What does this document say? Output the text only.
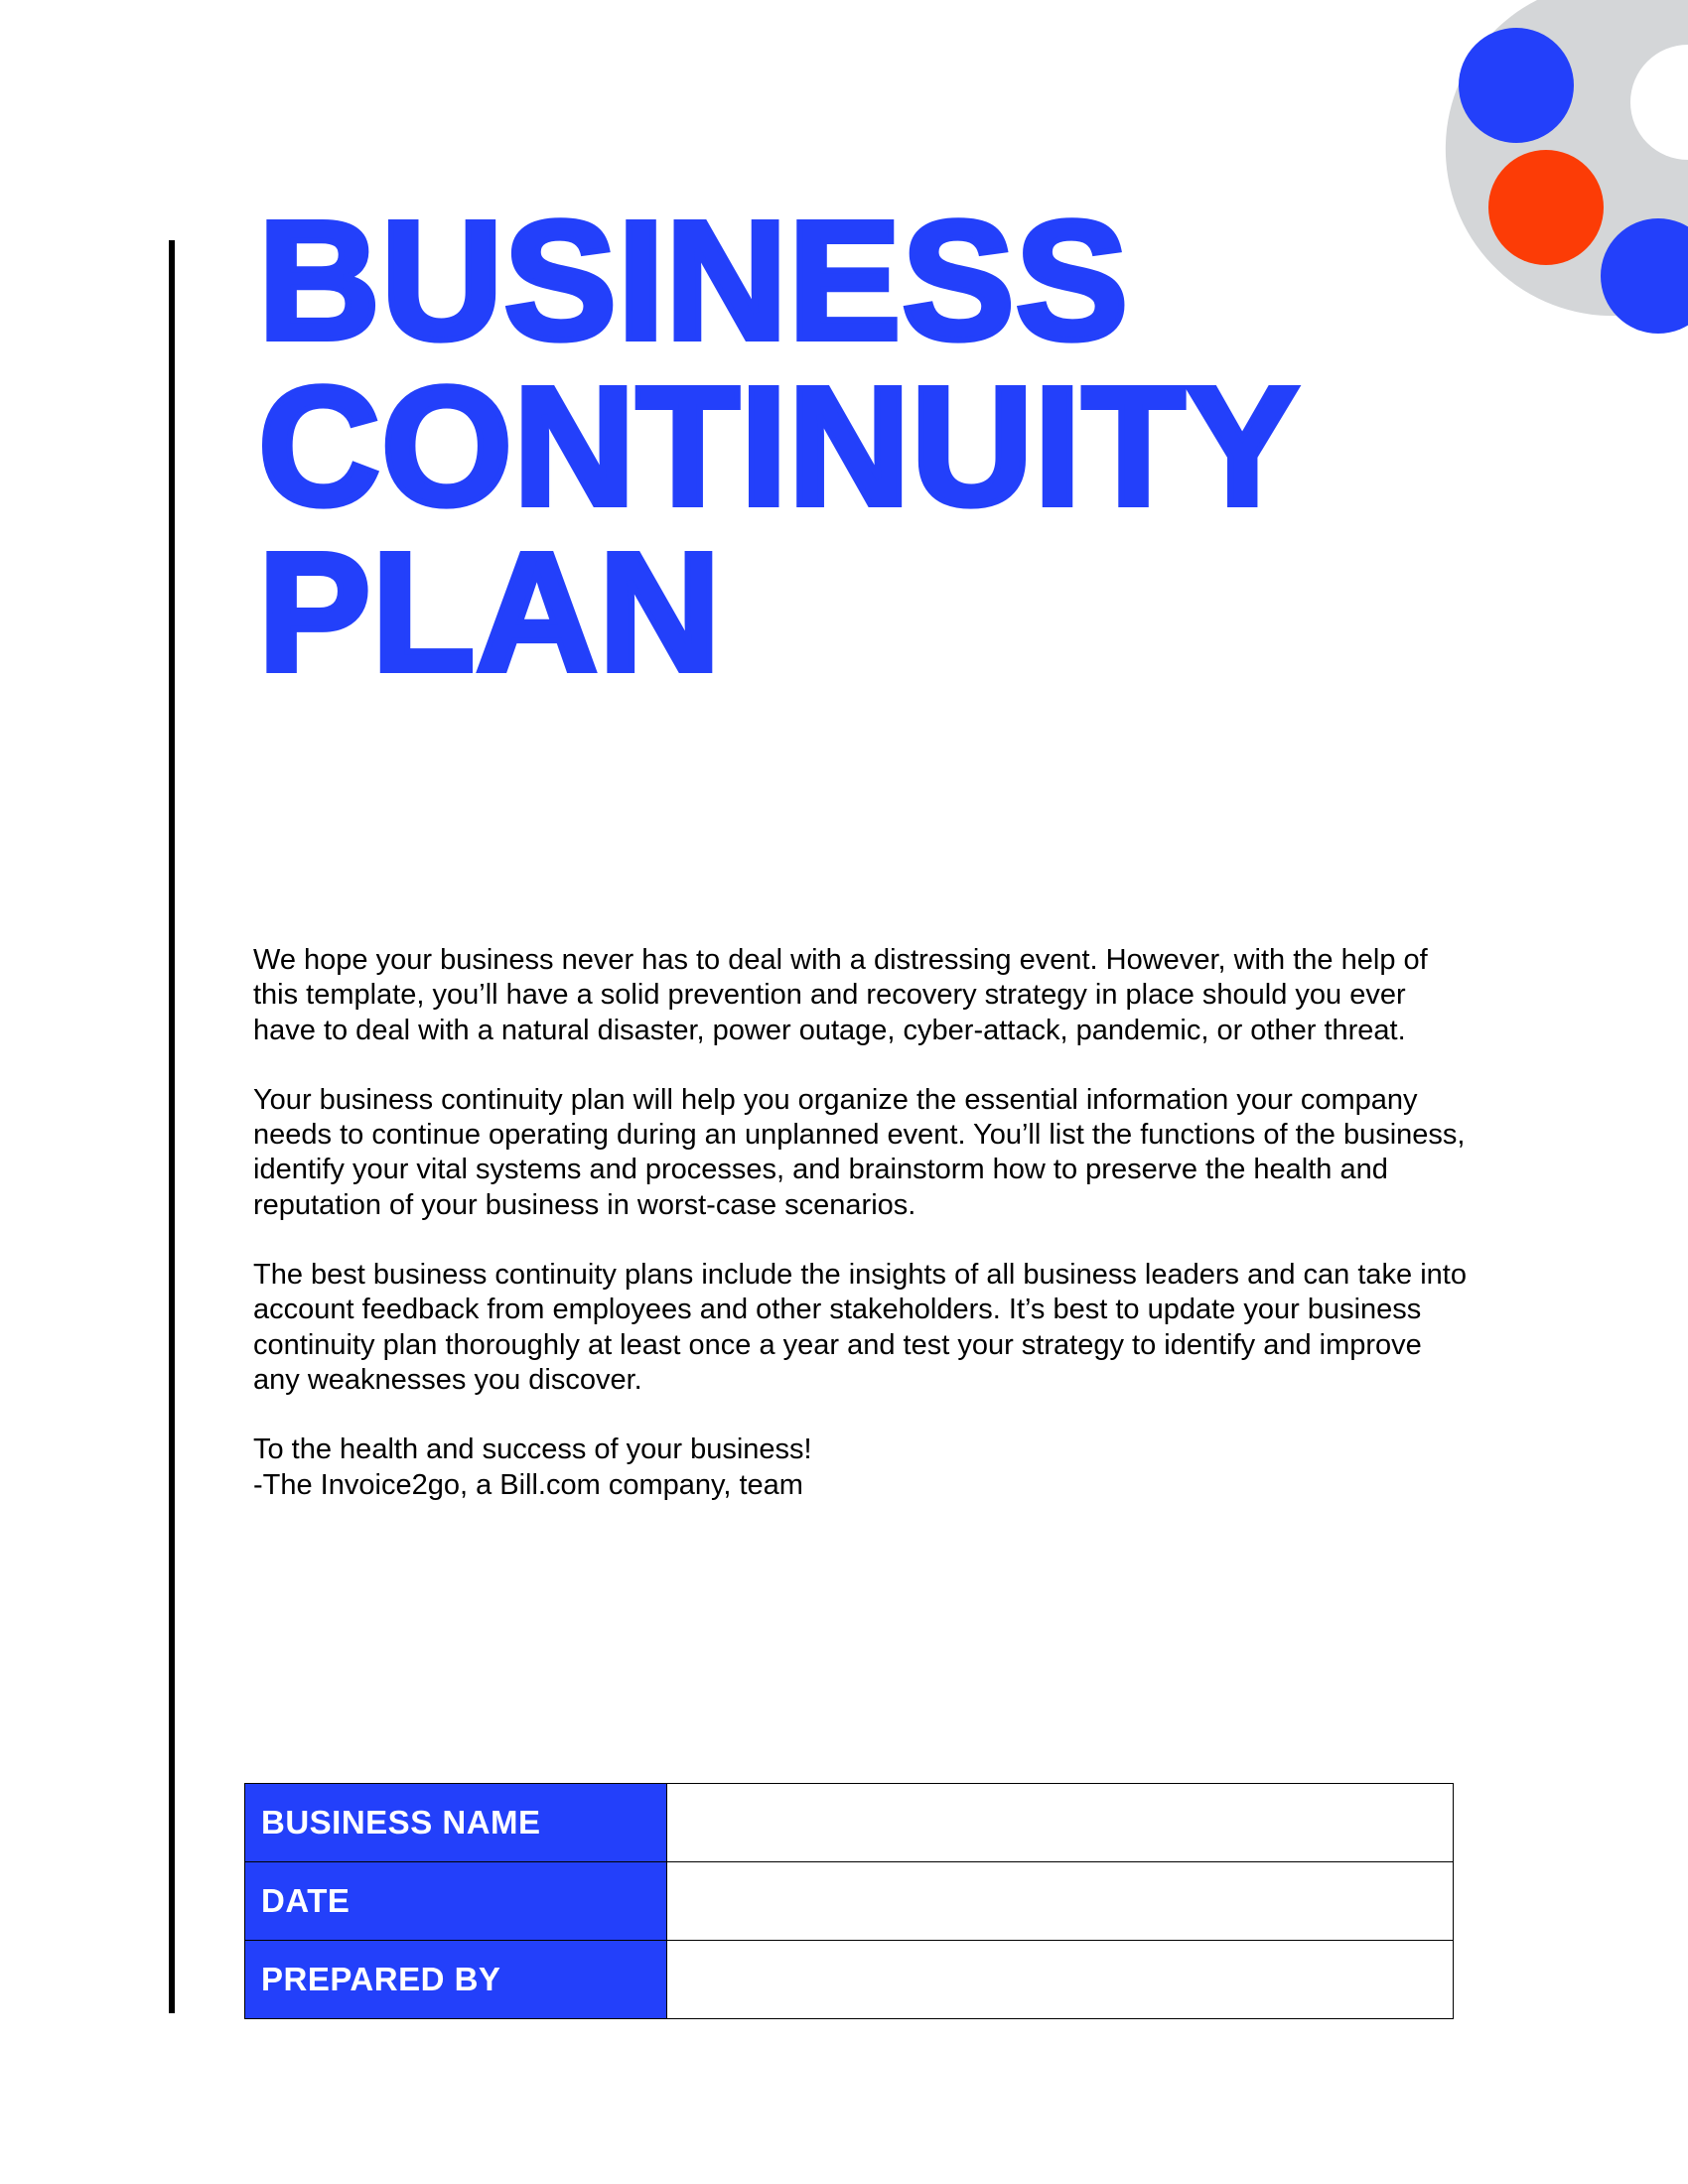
BUSINESS
CONTINUITY
PLAN

We hope your business never has to deal with a distressing event. However, with the help of this template, you’ll have a solid prevention and recovery strategy in place should you ever have to deal with a natural disaster, power outage, cyber-attack, pandemic, or other threat.

Your business continuity plan will help you organize the essential information your company needs to continue operating during an unplanned event. You’ll list the functions of the business, identify your vital systems and processes, and brainstorm how to preserve the health and reputation of your business in worst-case scenarios.

The best business continuity plans include the insights of all business leaders and can take into account feedback from employees and other stakeholders. It’s best to update your business continuity plan thoroughly at least once a year and test your strategy to identify and improve any weaknesses you discover.

To the health and success of your business!
-The Invoice2go, a Bill.com company, team

BUSINESS NAME	
DATE	
PREPARED BY	
